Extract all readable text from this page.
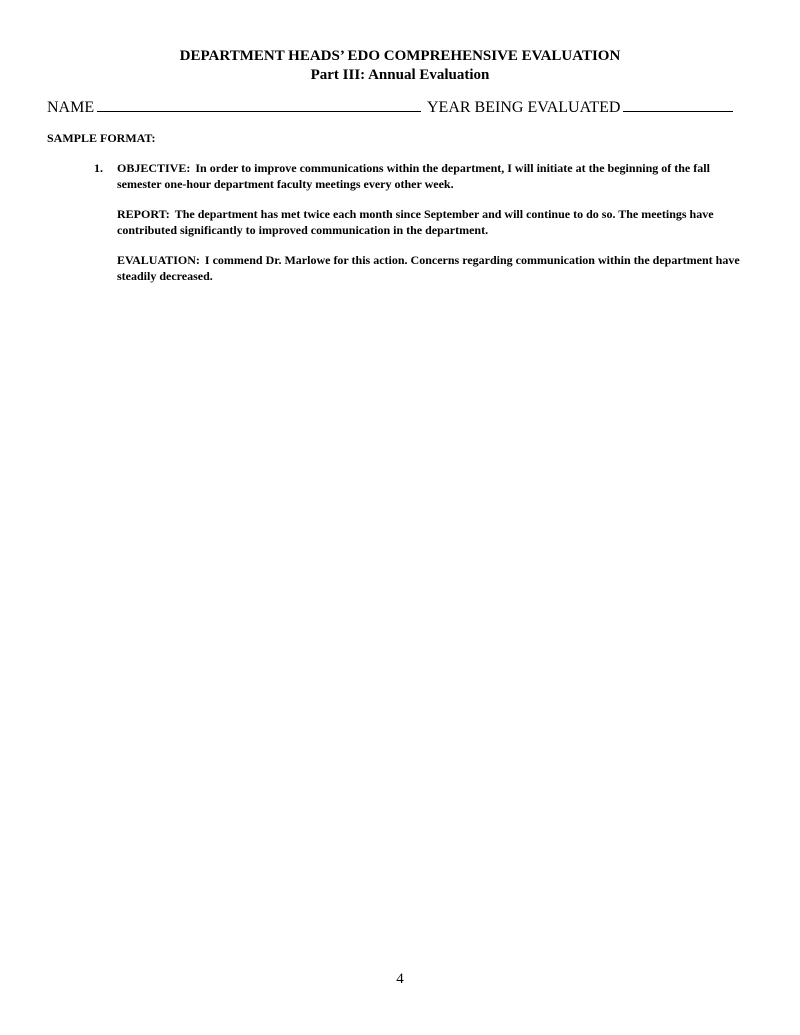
DEPARTMENT HEADS’ EDO COMPREHENSIVE EVALUATION
Part III: Annual Evaluation
NAME	YEAR BEING EVALUATED
SAMPLE FORMAT:
1.	OBJECTIVE: In order to improve communications within the department, I will initiate at the beginning of the fall semester one-hour department faculty meetings every other week.

REPORT: The department has met twice each month since September and will continue to do so. The meetings have contributed significantly to improved communication in the department.

EVALUATION: I commend Dr. Marlowe for this action. Concerns regarding communication within the department have steadily decreased.

4
